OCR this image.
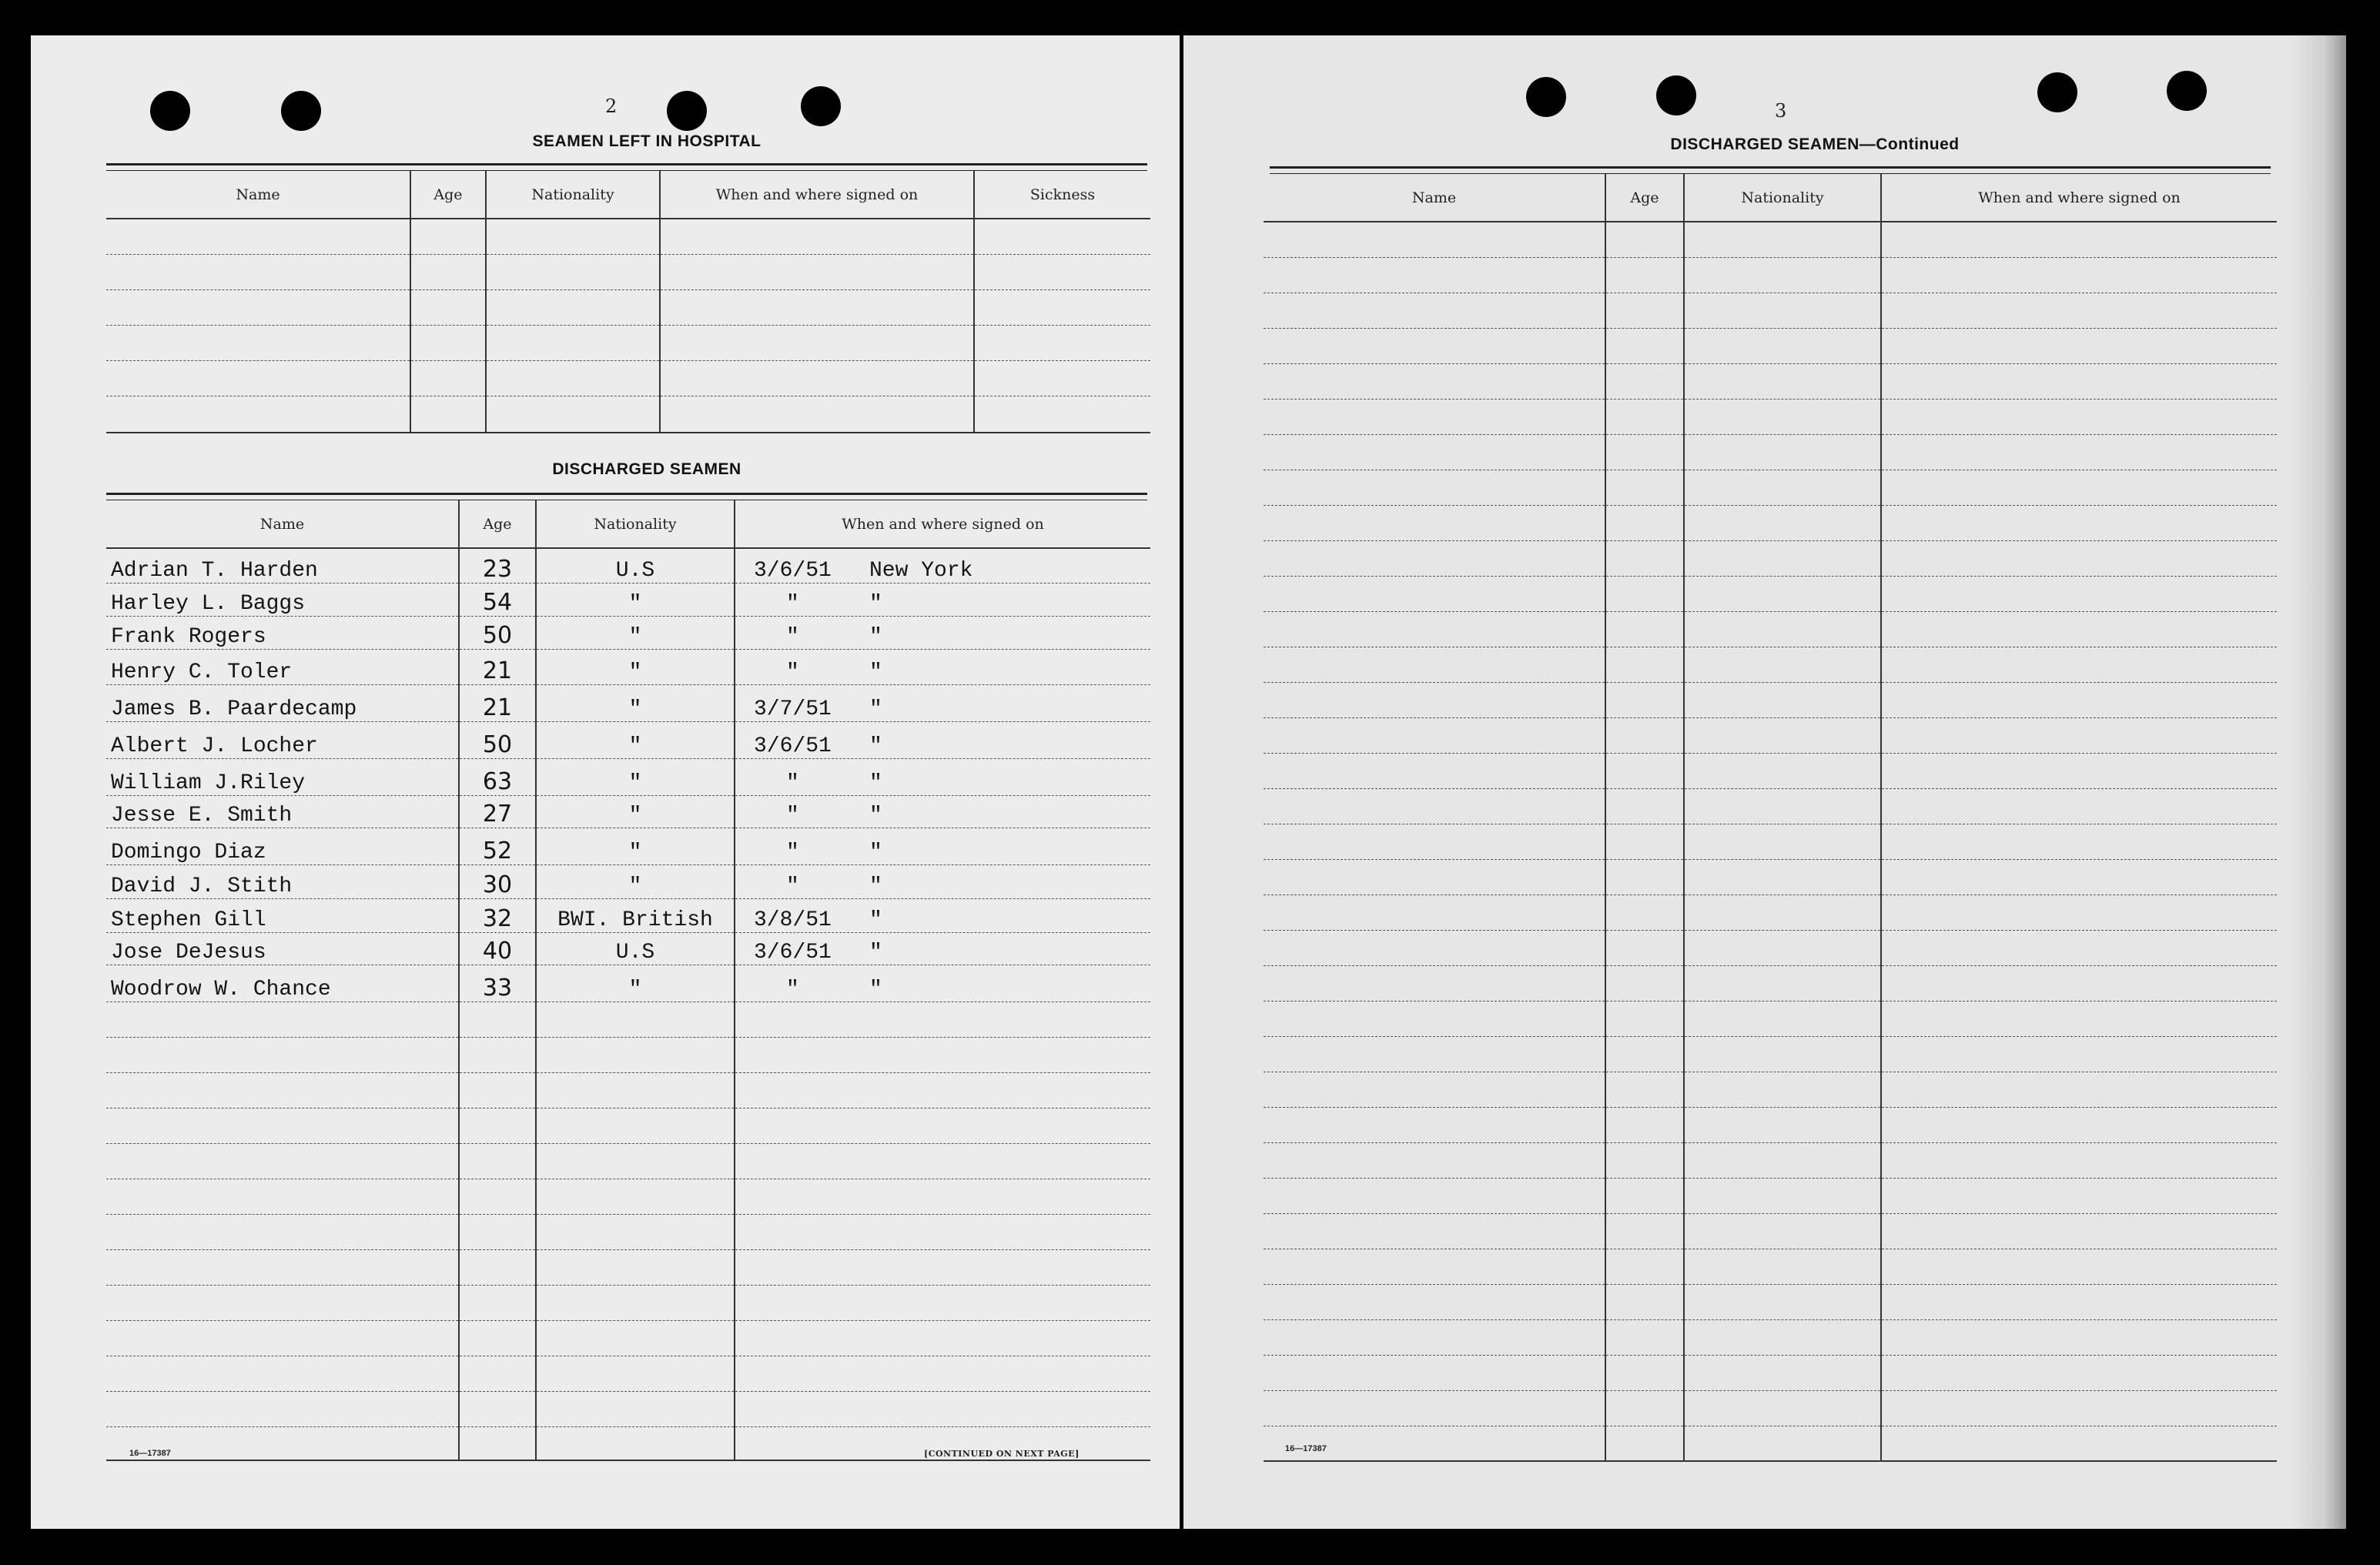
2
SEAMEN LEFT IN HOSPITAL
Name	Age	Nationality	When and where signed on	Sickness

DISCHARGED SEAMEN
Name	Age	Nationality	When and where signed on
Adrian T. Harden	23	U.S	3/6/51 New York
Harley L. Baggs	54	"	" "
Frank Rogers	50	"	" "
Henry C. Toler	21	"	" "
James B. Paardecamp	21	"	3/7/51 "
Albert J. Locher	50	"	3/6/51 "
William J.Riley	63	"	" "
Jesse E. Smith	27	"	" "
Domingo Diaz	52	"	" "
David J. Stith	30	"	" "
Stephen Gill	32	BWI. British	3/8/51 "
Jose DeJesus	40	U.S	3/6/51 "
Woodrow W. Chance	33	"	" "

16—17387	[CONTINUED ON NEXT PAGE]
3
DISCHARGED SEAMEN—Continued
Name	Age	Nationality	When and where signed on

16—17387
